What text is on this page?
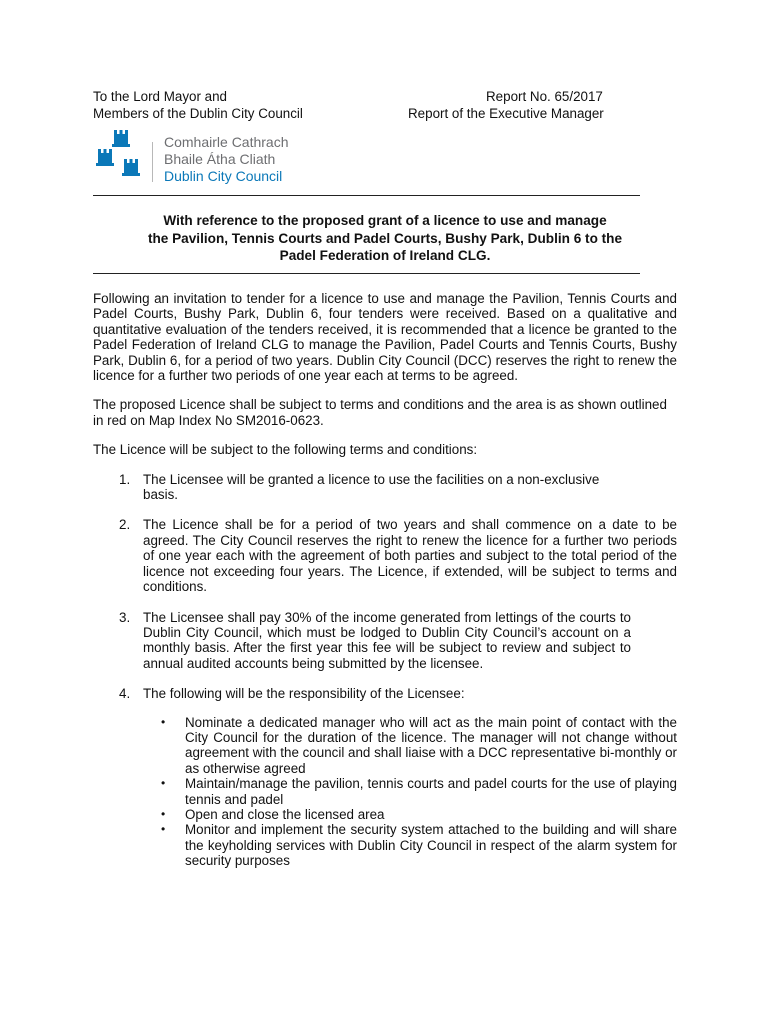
To the Lord Mayor and
Members of the Dublin City Council
Report No. 65/2017
Report of the Executive Manager
Comhairle Cathrach
Bhaile Átha Cliath
Dublin City Council
With reference to the proposed grant of a licence to use and manage
the Pavilion, Tennis Courts and Padel Courts, Bushy Park, Dublin 6 to the
Padel Federation of Ireland CLG.

Following an invitation to tender for a licence to use and manage the Pavilion, Tennis Courts and Padel Courts, Bushy Park, Dublin 6, four tenders were received. Based on a qualitative and quantitative evaluation of the tenders received, it is recommended that a licence be granted to the Padel Federation of Ireland CLG to manage the Pavilion, Padel Courts and Tennis Courts, Bushy Park, Dublin 6, for a period of two years. Dublin City Council (DCC) reserves the right to renew the licence for a further two periods of one year each at terms to be agreed.

The proposed Licence shall be subject to terms and conditions and the area is as shown outlined in red on Map Index No SM2016-0623.

The Licence will be subject to the following terms and conditions:

1. The Licensee will be granted a licence to use the facilities on a non-exclusive basis.
2. The Licence shall be for a period of two years and shall commence on a date to be agreed. The City Council reserves the right to renew the licence for a further two periods of one year each with the agreement of both parties and subject to the total period of the licence not exceeding four years. The Licence, if extended, will be subject to terms and conditions.
3. The Licensee shall pay 30% of the income generated from lettings of the courts to Dublin City Council, which must be lodged to Dublin City Council’s account on a monthly basis. After the first year this fee will be subject to review and subject to annual audited accounts being submitted by the licensee.
4. The following will be the responsibility of the Licensee:
• Nominate a dedicated manager who will act as the main point of contact with the City Council for the duration of the licence. The manager will not change without agreement with the council and shall liaise with a DCC representative bi-monthly or as otherwise agreed
• Maintain/manage the pavilion, tennis courts and padel courts for the use of playing tennis and padel
• Open and close the licensed area
• Monitor and implement the security system attached to the building and will share the keyholding services with Dublin City Council in respect of the alarm system for security purposes
